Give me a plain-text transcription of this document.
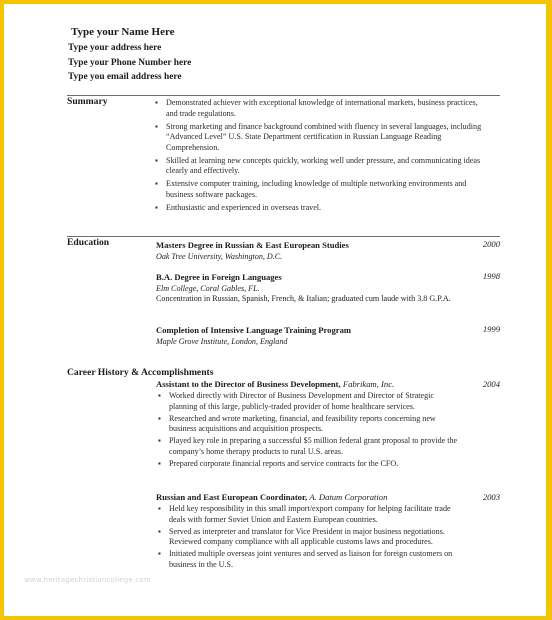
Type your Name Here
Type your address here
Type your Phone Number here
Type you email address here
Summary	▪ Demonstrated achiever with exceptional knowledge of international markets, business practices, and trade regulations.
▪ Strong marketing and finance background combined with fluency in several languages, including “Advanced Level” U.S. State Department certification in Russian Language Reading Comprehension.
▪ Skilled at learning new concepts quickly, working well under pressure, and communicating ideas clearly and effectively.
▪ Extensive computer training, including knowledge of multiple networking environments and business software packages.
▪ Enthusiastic and experienced in overseas travel.
Education	Masters Degree in Russian & East European Studies	2000
Oak Tree University, Washington, D.C.
B.A. Degree in Foreign Languages	1998
Elm College, Coral Gables, FL.
Concentration in Russian, Spanish, French, & Italian; graduated cum laude with 3.8 G.P.A.
Completion of Intensive Language Training Program	1999
Maple Grove Institute, London, England
Career History & Accomplishments
Assistant to the Director of Business Development, Fabrikam, Inc.	2004
▪ Worked directly with Director of Business Development and Director of Strategic planning of this large, publicly-traded provider of home healthcare services.
▪ Researched and wrote marketing, financial, and feasibility reports concerning new business acquisitions and acquisition prospects.
▪ Played key role in preparing a successful $5 million federal grant proposal to provide the company’s home therapy products to rural U.S. areas.
▪ Prepared corporate financial reports and service contracts for the CFO.
Russian and East European Coordinator, A. Datum Corporation	2003
▪ Held key responsibility in this small import/export company for helping facilitate trade deals with former Soviet Union and Eastern European countries.
▪ Served as interpreter and translator for Vice President in major business negotiations. Reviewed company compliance with all applicable customs laws and procedures.
▪ Initiated multiple overseas joint ventures and served as liaison for foreign customers on business in the U.S.
www.heritagechristiancollege.com
